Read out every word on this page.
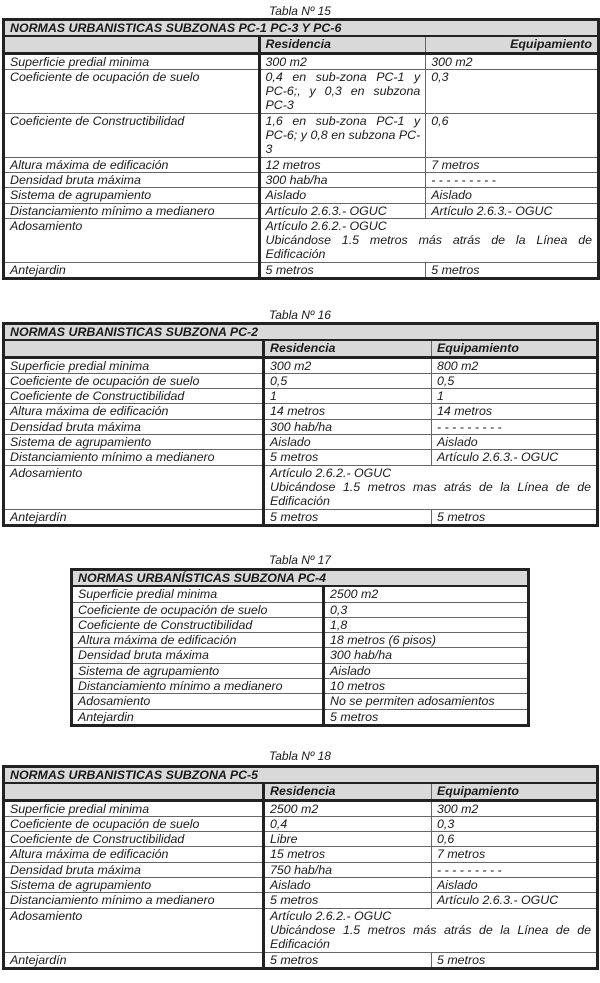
Tabla Nº 15
NORMAS URBANISTICAS SUBZONAS PC-1 PC-3 Y PC-6		
	Residencia	Equipamiento
Superficie predial minima	300 m2	300 m2
Coeficiente de ocupación de suelo	0,4 en sub-zona PC-1 y PC-6;, y 0,3 en subzona PC-3	0,3
Coeficiente de Constructibilidad	1,6 en sub-zona PC-1 y PC-6; y 0,8 en subzona PC-3	0,6
Altura máxima de edificación	12 metros	7 metros
Densidad bruta máxima	300 hab/ha	- - - - - - - - -
Sistema de agrupamiento	Aislado	Aislado
Distanciamiento mínimo a medianero	Artículo 2.6.3.- OGUC	Artículo 2.6.3.- OGUC
Adosamiento	Artículo 2.6.2.- OGUC
Ubicándose 1.5 metros más atrás de la Línea de Edificación	

Antejardin	5 metros	5 metros
Tabla Nº 16
NORMAS URBANISTICAS SUBZONA PC-2		
	Residencia	Equipamiento
Superficie predial minima	300 m2	800 m2
Coeficiente de ocupación de suelo	0,5	0,5
Coeficiente de Constructibilidad	1	1
Altura máxima de edificación	14 metros	14 metros
Densidad bruta máxima	300 hab/ha	- - - - - - - - -
Sistema de agrupamiento	Aislado	Aislado
Distanciamiento mínimo a medianero	5 metros	Artículo 2.6.3.- OGUC
Adosamiento	Artículo 2.6.2.- OGUC
Ubicándose 1.5 metros mas atrás de la Línea de de Edificación	

Antejardín	5 metros	5 metros
Tabla Nº 17
NORMAS URBANÍSTICAS SUBZONA PC-4	
Superficie predial minima	2500 m2
Coeficiente de ocupación de suelo	0,3
Coeficiente de Constructibilidad	1,8
Altura máxima de edificación	18 metros (6 pisos)
Densidad bruta máxima	300 hab/ha
Sistema de agrupamiento	Aislado
Distanciamiento mínimo a medianero	10 metros
Adosamiento	No se permiten adosamientos
Antejardin	5 metros
Tabla Nº 18
NORMAS URBANISTICAS SUBZONA PC-5		
	Residencia	Equipamiento
Superficie predial minima	2500 m2	300 m2
Coeficiente de ocupación de suelo	0,4	0,3
Coeficiente de Constructibilidad	Libre	0,6
Altura máxima de edificación	15 metros	7 metros
Densidad bruta máxima	750 hab/ha	- - - - - - - - -
Sistema de agrupamiento	Aislado	Aislado
Distanciamiento mínimo a medianero	5 metros	Artículo 2.6.3.- OGUC
Adosamiento	Artículo 2.6.2.- OGUC
Ubicándose 1.5 metros más atrás de la Línea de de Edificación	

Antejardín	5 metros	5 metros
